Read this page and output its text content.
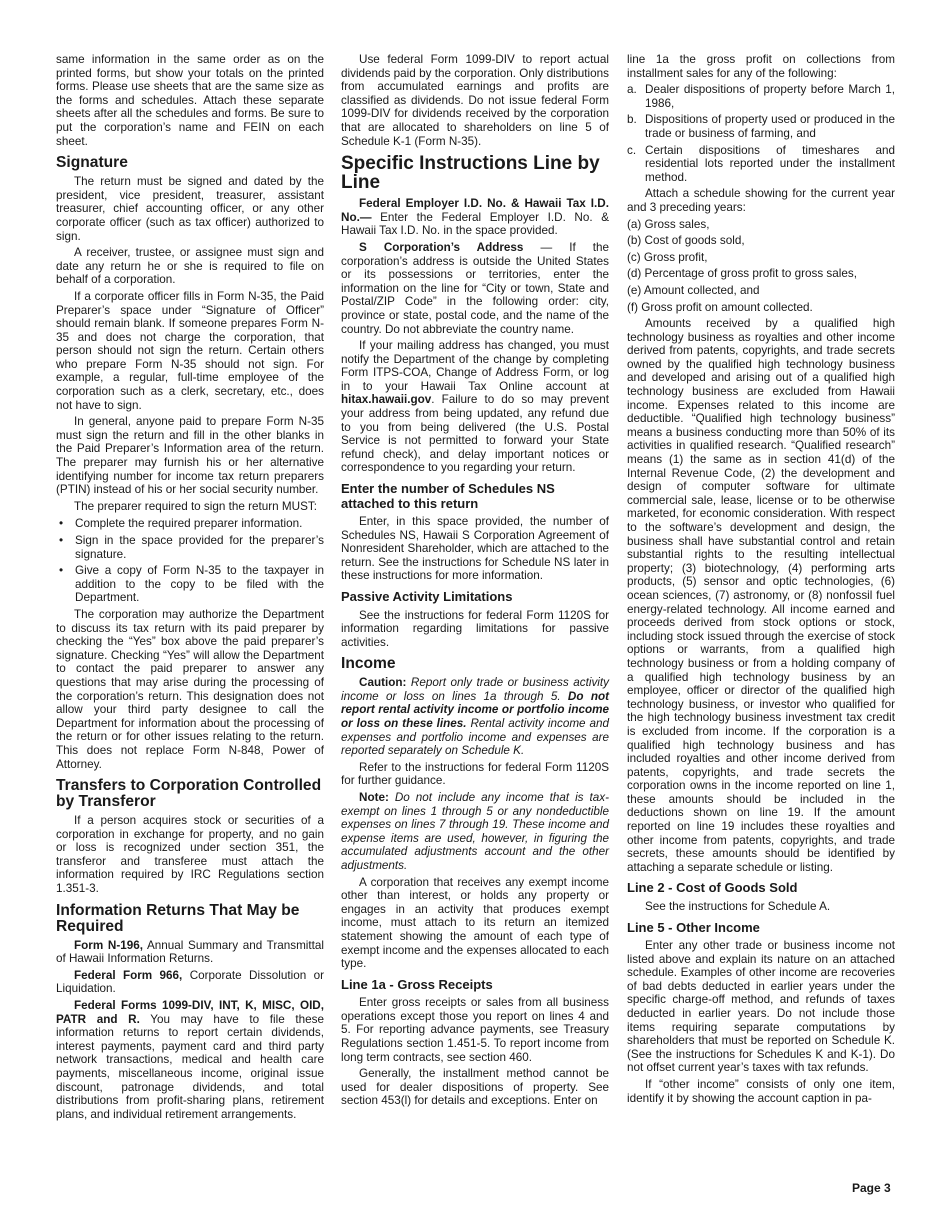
same information in the same order as on the printed forms, but show your totals on the printed forms. Please use sheets that are the same size as the forms and schedules. Attach these separate sheets after all the schedules and forms. Be sure to put the corporation’s name and FEIN on each sheet.

Signature

The return must be signed and dated by the president, vice president, treasurer, assistant treasurer, chief accounting officer, or any other corporate officer (such as tax officer) authorized to sign.

A receiver, trustee, or assignee must sign and date any return he or she is required to file on behalf of a corporation.

If a corporate officer fills in Form N-35, the Paid Preparer’s space under “Signature of Officer” should remain blank. If someone prepares Form N-35 and does not charge the corporation, that person should not sign the return. Certain others who prepare Form N-35 should not sign. For example, a regular, full-time employee of the corporation such as a clerk, secretary, etc., does not have to sign.

In general, anyone paid to prepare Form N-35 must sign the return and fill in the other blanks in the Paid Preparer’s Information area of the return. The preparer may furnish his or her alternative identifying number for income tax return preparers (PTIN) instead of his or her social security number.

The preparer required to sign the return MUST:

• Complete the required preparer information.
• Sign in the space provided for the preparer’s signature.
• Give a copy of Form N-35 to the taxpayer in addition to the copy to be filed with the Department.

The corporation may authorize the Department to discuss its tax return with its paid preparer by checking the “Yes” box above the paid preparer’s signature. Checking “Yes” will allow the Department to contact the paid preparer to answer any questions that may arise during the processing of the corporation’s return. This designation does not allow your third party designee to call the Department for information about the processing of the return or for other issues relating to the return. This does not replace Form N-848, Power of Attorney.

Transfers to Corporation Controlled by Transferor

If a person acquires stock or securities of a corporation in exchange for property, and no gain or loss is recognized under section 351, the transferor and transferee must attach the information required by IRC Regulations section 1.351-3.

Information Returns That May be Required

Form N-196, Annual Summary and Transmittal of Hawaii Information Returns.

Federal Form 966, Corporate Dissolution or Liquidation.

Federal Forms 1099-DIV, INT, K, MISC, OID, PATR and R. You may have to file these information returns to report certain dividends, interest payments, payment card and third party network transactions, medical and health care payments, miscellaneous income, original issue discount, patronage dividends, and total distributions from profit-sharing plans, retirement plans, and individual retirement arrangements.

Use federal Form 1099-DIV to report actual dividends paid by the corporation. Only distributions from accumulated earnings and profits are classified as dividends. Do not issue federal Form 1099-DIV for dividends received by the corporation that are allocated to shareholders on line 5 of Schedule K-1 (Form N-35).

Specific Instructions Line by Line

Federal Employer I.D. No. & Hawaii Tax I.D. No.— Enter the Federal Employer I.D. No. & Hawaii Tax I.D. No. in the space provided.

S Corporation’s Address — If the corporation’s address is outside the United States or its possessions or territories, enter the information on the line for “City or town, State and Postal/ZIP Code” in the following order: city, province or state, postal code, and the name of the country. Do not abbreviate the country name.

If your mailing address has changed, you must notify the Department of the change by completing Form ITPS-COA, Change of Address Form, or log in to your Hawaii Tax Online account at hitax.hawaii.gov. Failure to do so may prevent your address from being updated, any refund due to you from being delivered (the U.S. Postal Service is not permitted to forward your State refund check), and delay important notices or correspondence to you regarding your return.

Enter the number of Schedules NS attached to this return

Enter, in this space provided, the number of Schedules NS, Hawaii S Corporation Agreement of Nonresident Shareholder, which are attached to the return. See the instructions for Schedule NS later in these instructions for more information.

Passive Activity Limitations

See the instructions for federal Form 1120S for information regarding limitations for passive activities.

Income

Caution: Report only trade or business activity income or loss on lines 1a through 5. Do not report rental activity income or portfolio income or loss on these lines. Rental activity income and expenses and portfolio income and expenses are reported separately on Schedule K.

Refer to the instructions for federal Form 1120S for further guidance.

Note: Do not include any income that is tax-exempt on lines 1 through 5 or any nondeductible expenses on lines 7 through 19. These income and expense items are used, however, in figuring the accumulated adjustments account and the other adjustments.

A corporation that receives any exempt income other than interest, or holds any property or engages in an activity that produces exempt income, must attach to its return an itemized statement showing the amount of each type of exempt income and the expenses allocated to each type.

Line 1a - Gross Receipts

Enter gross receipts or sales from all business operations except those you report on lines 4 and 5. For reporting advance payments, see Treasury Regulations section 1.451-5. To report income from long term contracts, see section 460.

Generally, the installment method cannot be used for dealer dispositions of property. See section 453(l) for details and exceptions. Enter on

line 1a the gross profit on collections from installment sales for any of the following:

a. Dealer dispositions of property before March 1, 1986,
b. Dispositions of property used or produced in the trade or business of farming, and
c. Certain dispositions of timeshares and residential lots reported under the installment method.

Attach a schedule showing for the current year and 3 preceding years:

(a) Gross sales,
(b) Cost of goods sold,
(c) Gross profit,
(d) Percentage of gross profit to gross sales,
(e) Amount collected, and
(f) Gross profit on amount collected.

Amounts received by a qualified high technology business as royalties and other income derived from patents, copyrights, and trade secrets owned by the qualified high technology business and developed and arising out of a qualified high technology business are excluded from Hawaii income. Expenses related to this income are deductible. “Qualified high technology business” means a business conducting more than 50% of its activities in qualified research. “Qualified research” means (1) the same as in section 41(d) of the Internal Revenue Code, (2) the development and design of computer software for ultimate commercial sale, lease, license or to be otherwise marketed, for economic consideration. With respect to the software’s development and design, the business shall have substantial control and retain substantial rights to the resulting intellectual property; (3) biotechnology, (4) performing arts products, (5) sensor and optic technologies, (6) ocean sciences, (7) astronomy, or (8) nonfossil fuel energy-related technology. All income earned and proceeds derived from stock options or stock, including stock issued through the exercise of stock options or warrants, from a qualified high technology business or from a holding company of a qualified high technology business by an employee, officer or director of the qualified high technology business, or investor who qualified for the high technology business investment tax credit is excluded from income. If the corporation is a qualified high technology business and has included royalties and other income derived from patents, copyrights, and trade secrets the corporation owns in the income reported on line 1, these amounts should be included in the deductions shown on line 19. If the amount reported on line 19 includes these royalties and other income from patents, copyrights, and trade secrets, these amounts should be identified by attaching a separate schedule or listing.

Line 2 - Cost of Goods Sold

See the instructions for Schedule A.

Line 5 - Other Income

Enter any other trade or business income not listed above and explain its nature on an attached schedule. Examples of other income are recoveries of bad debts deducted in earlier years under the specific charge-off method, and refunds of taxes deducted in earlier years. Do not include those items requiring separate computations by shareholders that must be reported on Schedule K. (See the instructions for Schedules K and K-1). Do not offset current year’s taxes with tax refunds.

If “other income” consists of only one item, identify it by showing the account caption in pa-

Page 3
